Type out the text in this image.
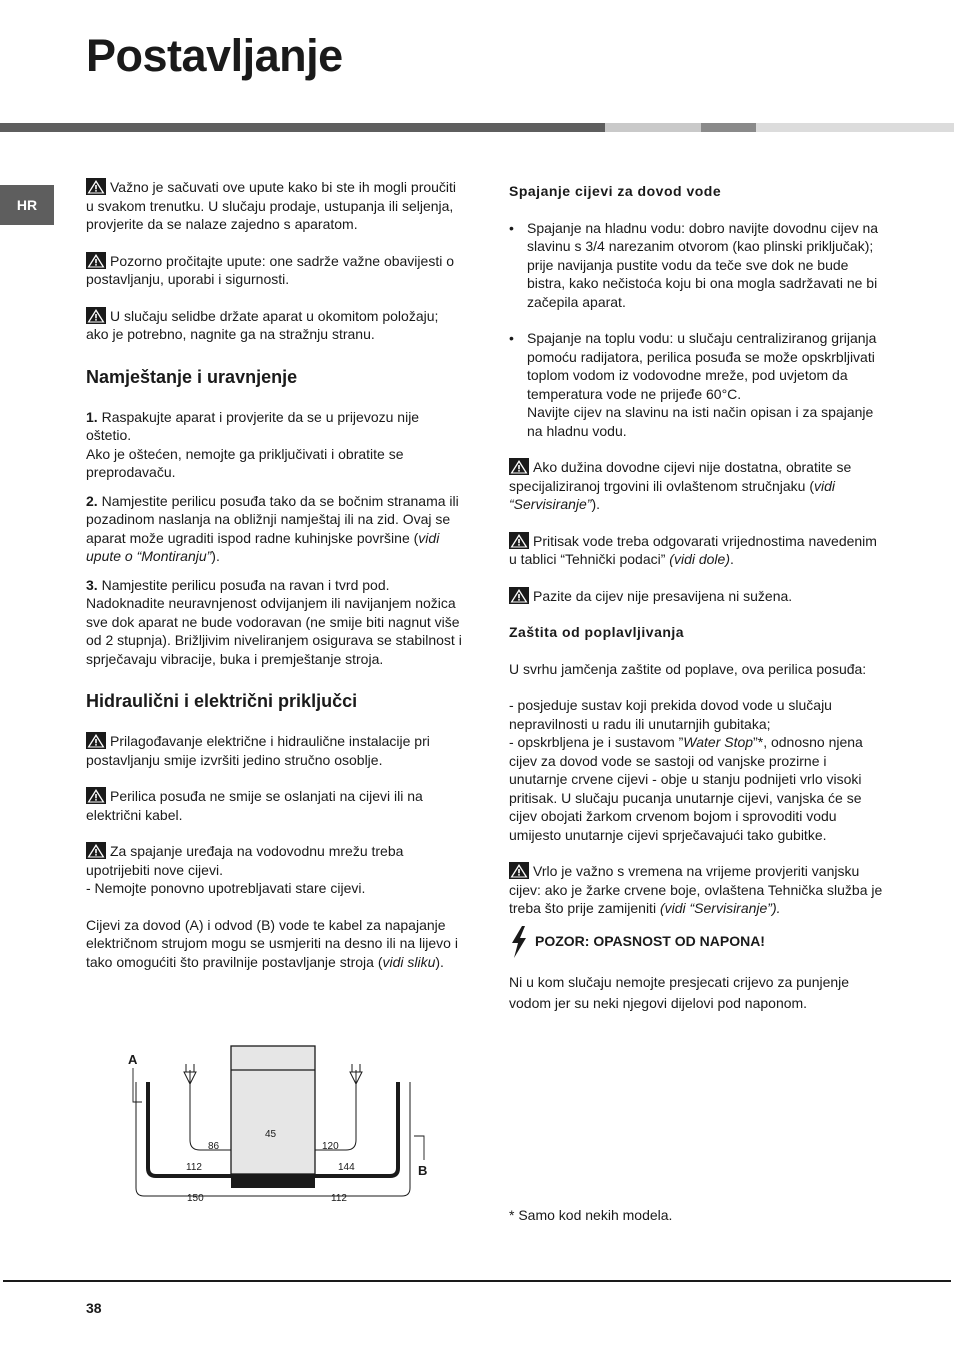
Postavljanje
HR

Važno je sačuvati ove upute kako bi ste ih mogli proučiti u svakom trenutku. U slučaju prodaje, ustupanja ili seljenja, provjerite da se nalaze zajedno s aparatom.

Pozorno pročitajte upute: one sadrže važne obavijesti o postavljanju, uporabi i sigurnosti.

U slučaju selidbe držate aparat u okomitom položaju; ako je potrebno, nagnite ga na stražnju stranu.

Namještanje i uravnjenje

1. Raspakujte aparat i provjerite da se u prijevozu nije oštetio.
Ako je oštećen, nemojte ga priključivati i obratite se preprodavaču.

2. Namjestite perilicu posuđa tako da se bočnim stranama ili pozadinom naslanja na obližnji namještaj ili na zid. Ovaj se aparat može ugraditi ispod radne kuhinjske površine (vidi upute o “Montiranju”).

3. Namjestite perilicu posuđa na ravan i tvrd pod. Nadoknadite neuravnjenost odvijanjem ili navijanjem nožica sve dok aparat ne bude vodoravan (ne smije biti nagnut više od 2 stupnja). Brižljivim niveliranjem osigurava se stabilnost i sprječavaju vibracije, buka i premještanje stroja.

Hidraulični i električni priključci

Prilagođavanje električne i hidraulične instalacije pri postavljanju smije izvršiti jedino stručno osoblje.

Perilica posuđa ne smije se oslanjati na cijevi ili na električni kabel.

Za spajanje uređaja na vodovodnu mrežu treba upotrijebiti nove cijevi.
- Nemojte ponovno upotrebljavati stare cijevi.

Cijevi za dovod (A) i odvod (B) vode te kabel za napajanje električnom strujom mogu se usmjeriti na desno ili na lijevo i tako omogućiti što pravilnije postavljanje stroja (vidi sliku).

A
B
45
86	120
112	144
150	112
Spajanje cijevi za dovod vode
• Spajanje na hladnu vodu: dobro navijte dovodnu cijev na slavinu s 3/4 narezanim otvorom (kao plinski priključak); prije navijanja pustite vodu da teče sve dok ne bude bistra, kako nečistoća koju bi ona mogla sadržavati ne bi začepila aparat.
• Spajanje na toplu vodu: u slučaju centraliziranog grijanja pomoću radijatora, perilica posuđa se može opskrbljivati toplom vodom iz vodovodne mreže, pod uvjetom da temperatura vode ne prijeđe 60°C.
Navijte cijev na slavinu na isti način opisan i za spajanje na hladnu vodu.

Ako dužina dovodne cijevi nije dostatna, obratite se specijaliziranoj trgovini ili ovlaštenom stručnjaku (vidi “Servisiranje”).

Pritisak vode treba odgovarati vrijednostima navedenim u tablici “Tehnički podaci” (vidi dole).

Pazite da cijev nije presavijena ni sužena.

Zaštita od poplavljivanja

U svrhu jamčenja zaštite od poplave, ova perilica posuđa:

- posjeduje sustav koji prekida dovod vode u slučaju nepravilnosti u radu ili unutarnjih gubitaka;
- opskrbljena je i sustavom ”Water Stop”*, odnosno njena cijev za dovod vode se sastoji od vanjske prozirne i unutarnje crvene cijevi - obje u stanju podnijeti vrlo visoki pritisak. U slučaju pucanja unutarnje cijevi, vanjska će se cijev obojati žarkom crvenom bojom i sprovoditi vodu umijesto unutarnje cijevi sprječavajući tako gubitke.

Vrlo je važno s vremena na vrijeme provjeriti vanjsku cijev: ako je žarke crvene boje, ovlaštena Tehnička služba je treba što prije zamijeniti (vidi “Servisiranje”).

POZOR: OPASNOST OD NAPONA!

Ni u kom slučaju nemojte presjecati crijevo za punjenje vodom jer su neki njegovi dijelovi pod naponom.

* Samo kod nekih modela.
38
